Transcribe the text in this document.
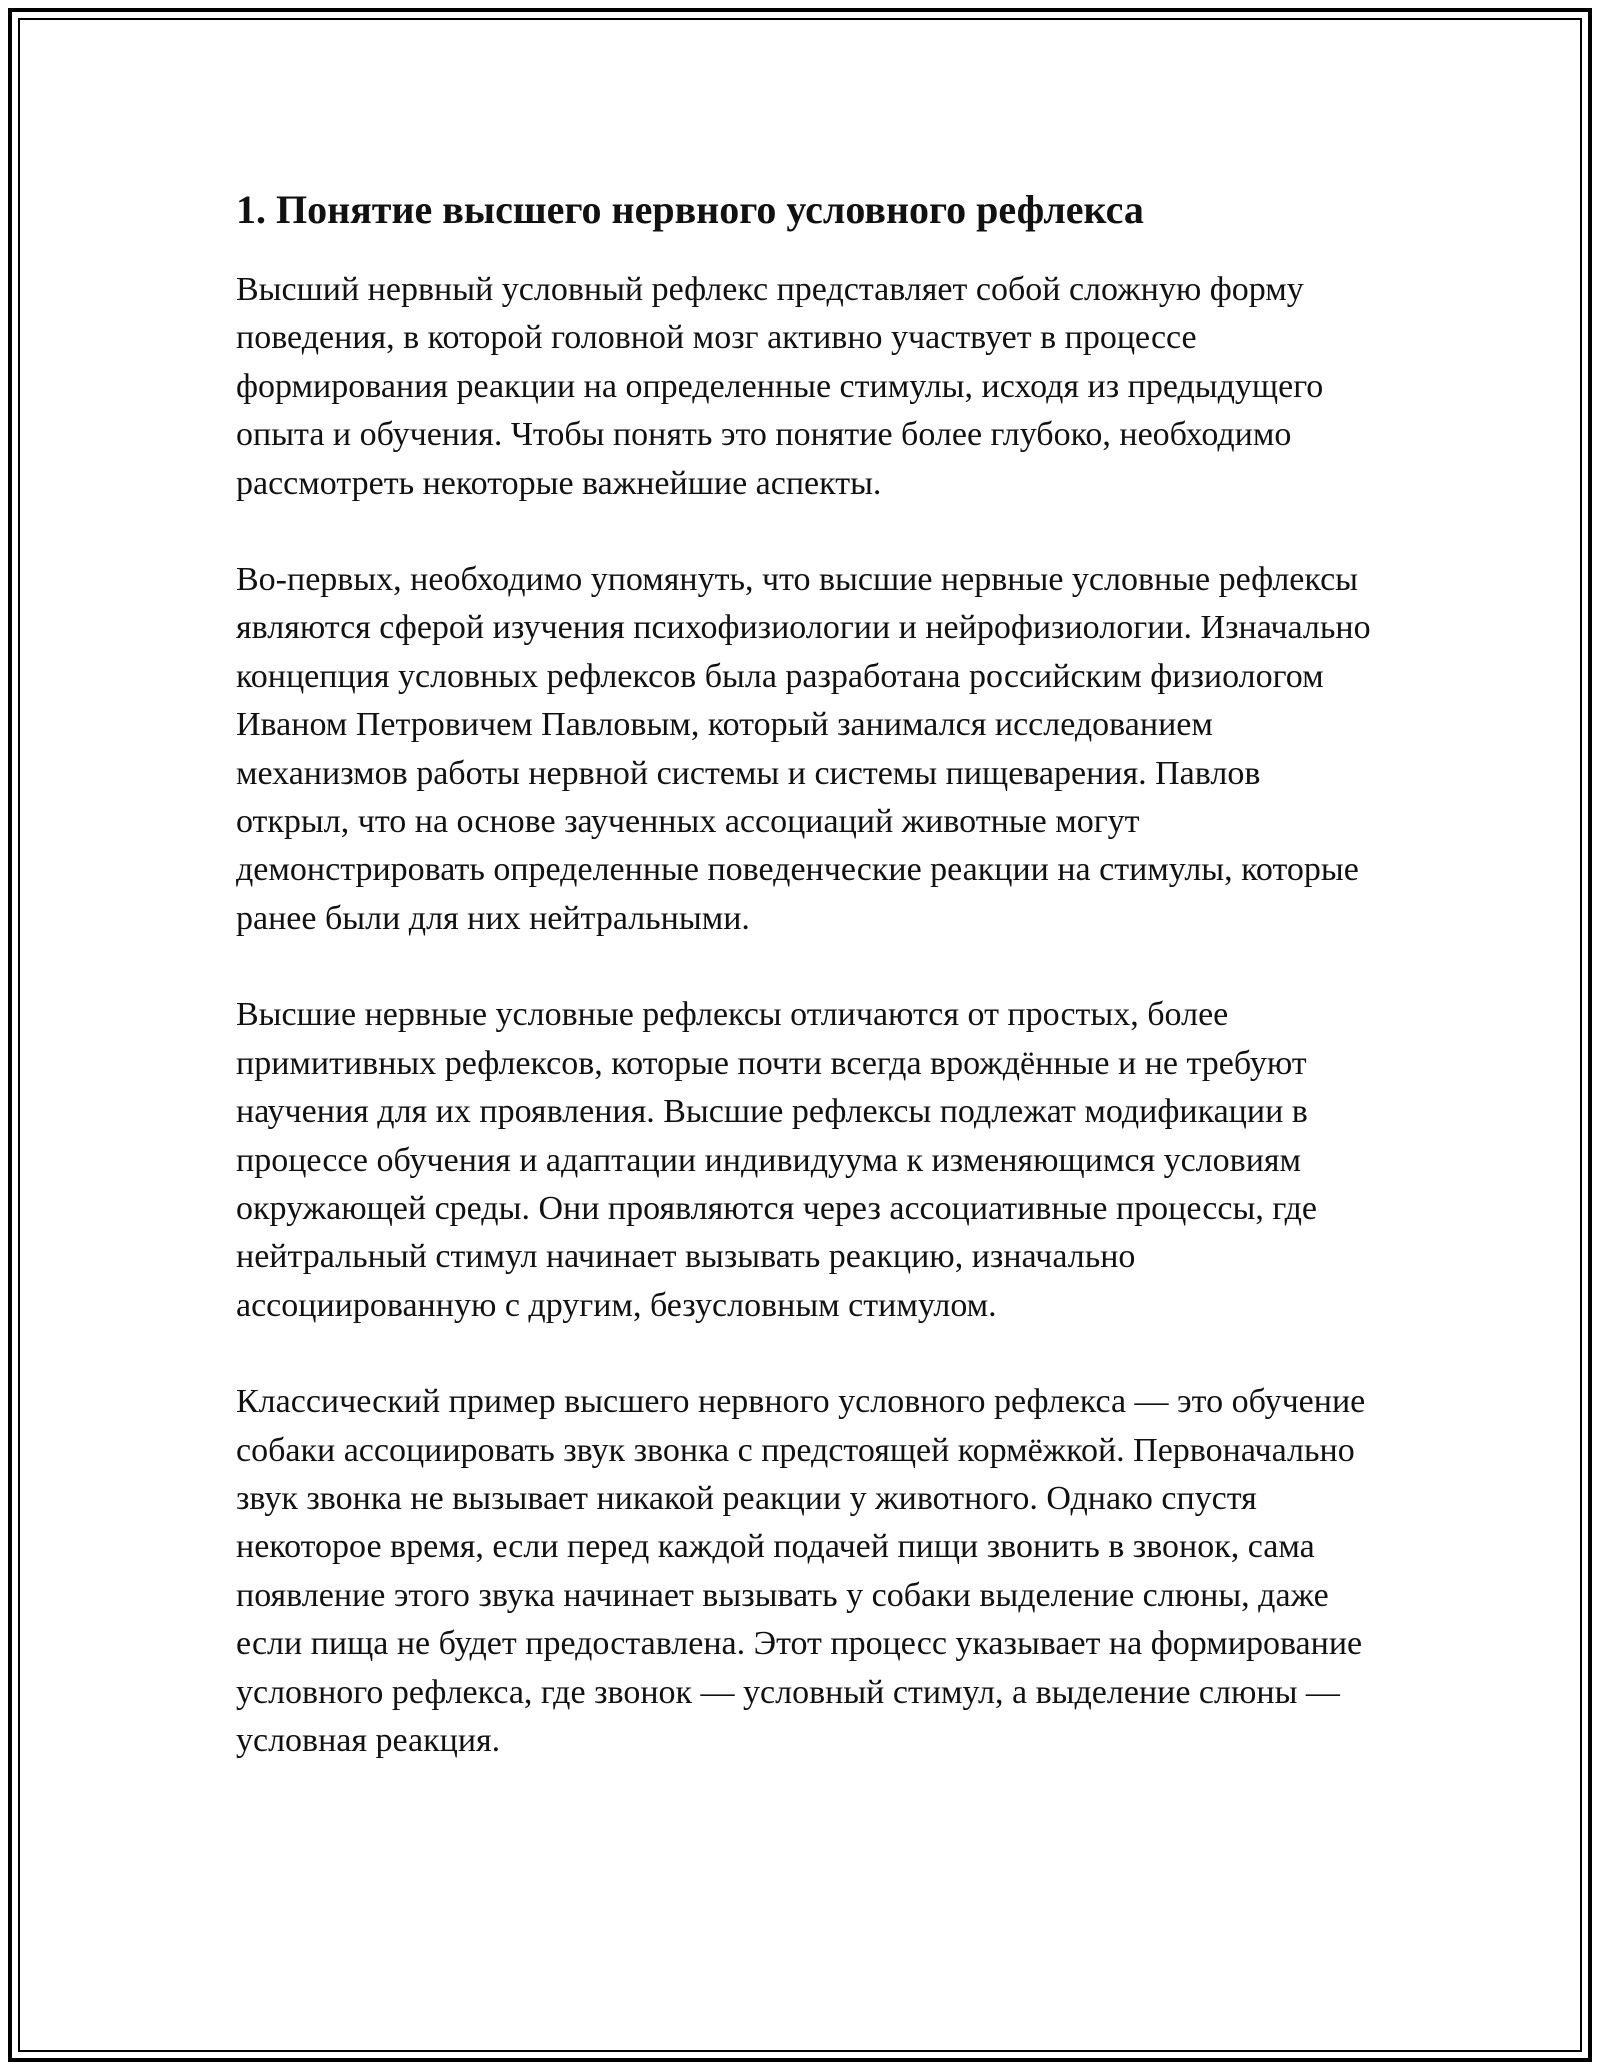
1. Понятие высшего нервного условного рефлекса

Высший нервный условный рефлекс представляет собой сложную форму поведения, в которой головной мозг активно участвует в процессе формирования реакции на определенные стимулы, исходя из предыдущего опыта и обучения. Чтобы понять это понятие более глубоко, необходимо рассмотреть некоторые важнейшие аспекты.

Во-первых, необходимо упомянуть, что высшие нервные условные рефлексы являются сферой изучения психофизиологии и нейрофизиологии. Изначально концепция условных рефлексов была разработана российским физиологом Иваном Петровичем Павловым, который занимался исследованием механизмов работы нервной системы и системы пищеварения. Павлов открыл, что на основе заученных ассоциаций животные могут демонстрировать определенные поведенческие реакции на стимулы, которые ранее были для них нейтральными.

Высшие нервные условные рефлексы отличаются от простых, более примитивных рефлексов, которые почти всегда врождённые и не требуют научения для их проявления. Высшие рефлексы подлежат модификации в процессе обучения и адаптации индивидуума к изменяющимся условиям окружающей среды. Они проявляются через ассоциативные процессы, где нейтральный стимул начинает вызывать реакцию, изначально ассоциированную с другим, безусловным стимулом.

Классический пример высшего нервного условного рефлекса — это обучение собаки ассоциировать звук звонка с предстоящей кормёжкой. Первоначально звук звонка не вызывает никакой реакции у животного. Однако спустя некоторое время, если перед каждой подачей пищи звонить в звонок, сама появление этого звука начинает вызывать у собаки выделение слюны, даже если пища не будет предоставлена. Этот процесс указывает на формирование условного рефлекса, где звонок — условный стимул, а выделение слюны — условная реакция.
